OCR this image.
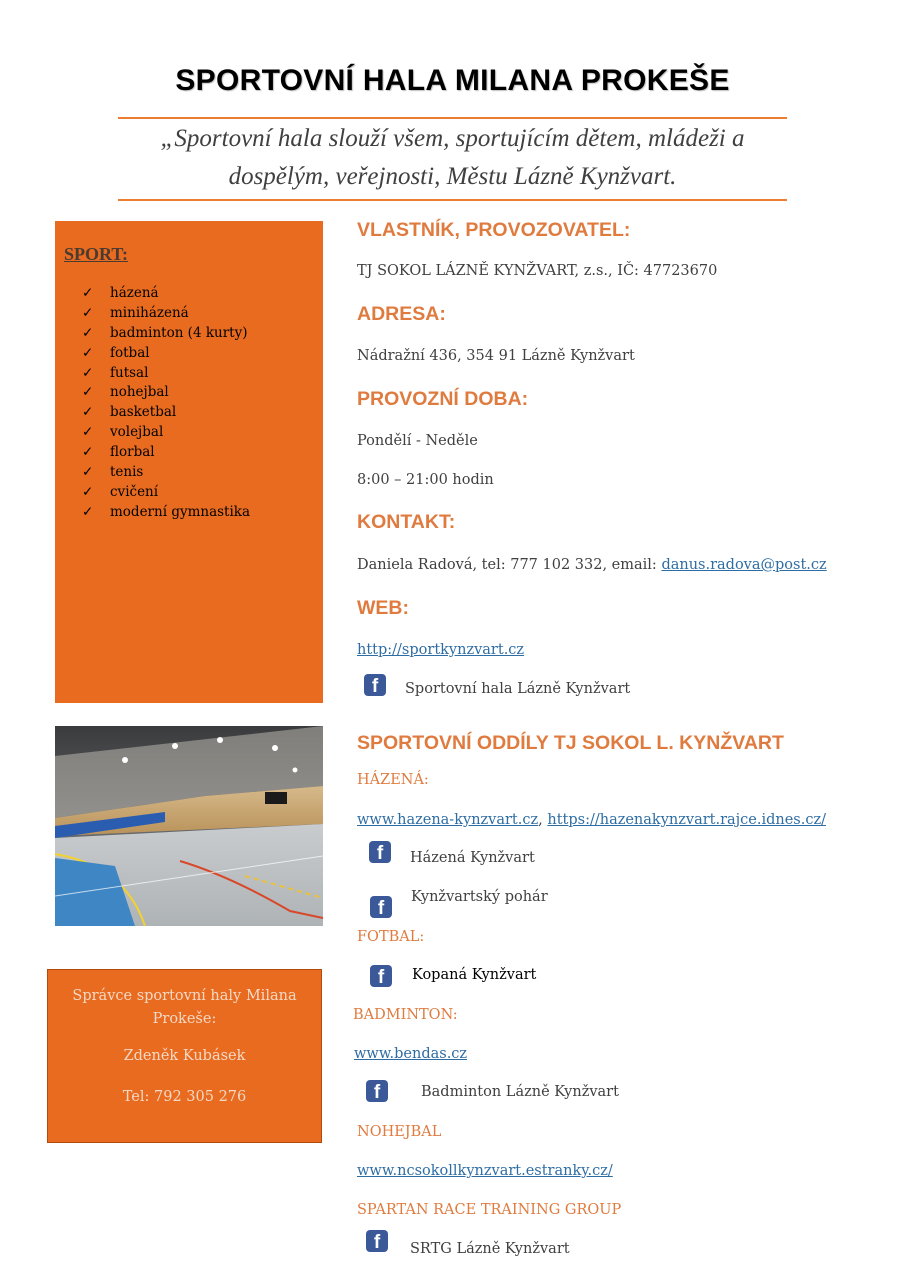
SPORTOVNÍ HALA MILANA PROKEŠE
„Sportovní hala slouží všem, sportujícím dětem, mládeži a dospělým, veřejnosti, Městu Lázně Kynžvart.
SPORT:
✓	házená
✓	miniházená
✓	badminton (4 kurty)
✓	fotbal
✓	futsal
✓	nohejbal
✓	basketbal
✓	volejbal
✓	florbal
✓	tenis
✓	cvičení
✓	moderní gymnastika
Správce sportovní haly Milana Prokeše:
Zdeněk Kubásek
Tel: 792 305 276
VLASTNÍK, PROVOZOVATEL:
TJ SOKOL LÁZNĚ KYNŽVART, z.s., IČ: 47723670
ADRESA:
Nádražní 436, 354 91 Lázně Kynžvart
PROVOZNÍ DOBA:
Pondělí - Neděle
8:00 – 21:00 hodin
KONTAKT:
Daniela Radová, tel: 777 102 332, email: danus.radova@post.cz
WEB:
http://sportkynzvart.cz
f	Sportovní hala Lázně Kynžvart
SPORTOVNÍ ODDÍLY TJ SOKOL L. KYNŽVART
HÁZENÁ:
www.hazena-kynzvart.cz, https://hazenakynzvart.rajce.idnes.cz/
f	Házená Kynžvart
f
Kynžvartský pohár
FOTBAL:
f	Kopaná Kynžvart
BADMINTON:
www.bendas.cz
f	Badminton Lázně Kynžvart
NOHEJBAL
www.ncsokollkynzvart.estranky.cz/
SPARTAN RACE TRAINING GROUP
f	SRTG Lázně Kynžvart
